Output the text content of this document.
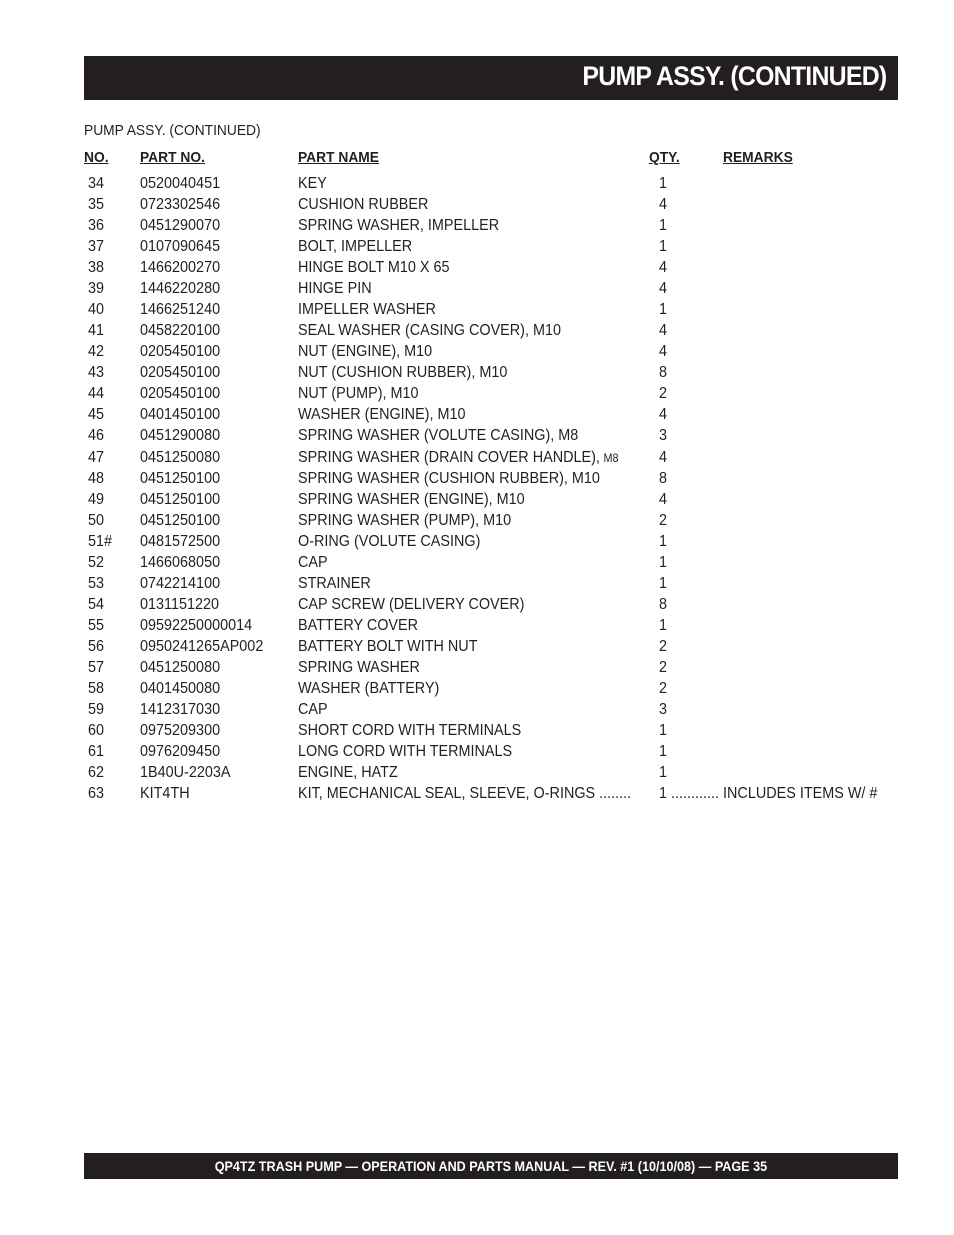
PUMP ASSY. (CONTINUED)
PUMP ASSY. (CONTINUED)
NO. PART NO.	PART NAME	QTY.	REMARKS
34 0520040451	KEY	1
35 0723302546	CUSHION RUBBER	4
36 0451290070	SPRING WASHER, IMPELLER	1
37 0107090645	BOLT, IMPELLER	1
38 1466200270	HINGE BOLT M10 X 65	4
39 1446220280	HINGE PIN	4
40 1466251240	IMPELLER WASHER	1
41 0458220100	SEAL WASHER (CASING COVER), M10	4
42 0205450100	NUT (ENGINE), M10	4
43 0205450100	NUT (CUSHION RUBBER), M10	8
44 0205450100	NUT (PUMP), M10	2
45 0401450100	WASHER (ENGINE), M10	4
46 0451290080	SPRING WASHER (VOLUTE CASING), M8	3
47 0451250080	SPRING WASHER (DRAIN COVER HANDLE), M8	4
48 0451250100	SPRING WASHER (CUSHION RUBBER), M10	8
49 0451250100	SPRING WASHER (ENGINE), M10	4
50 0451250100	SPRING WASHER (PUMP), M10	2
51# 0481572500	O-RING (VOLUTE CASING)	1
52 1466068050	CAP	1
53 0742214100	STRAINER	1
54 0131151220	CAP SCREW (DELIVERY COVER)	8
55 09592250000014	BATTERY COVER	1
56 0950241265AP002 BATTERY BOLT WITH NUT	2
57 0451250080	SPRING WASHER	2
58 0401450080	WASHER (BATTERY)	2
59 1412317030	CAP	3
60 0975209300	SHORT CORD WITH TERMINALS	1
61 0976209450	LONG CORD WITH TERMINALS	1
62 1B40U-2203A	ENGINE, HATZ	1
63 KIT4TH	KIT, MECHANICAL SEAL, SLEEVE, O-RINGS ........ 1 ............ INCLUDES ITEMS W/ #
QP4TZ TRASH PUMP — OPERATION AND PARTS MANUAL — REV. #1 (10/10/08) — PAGE 35
